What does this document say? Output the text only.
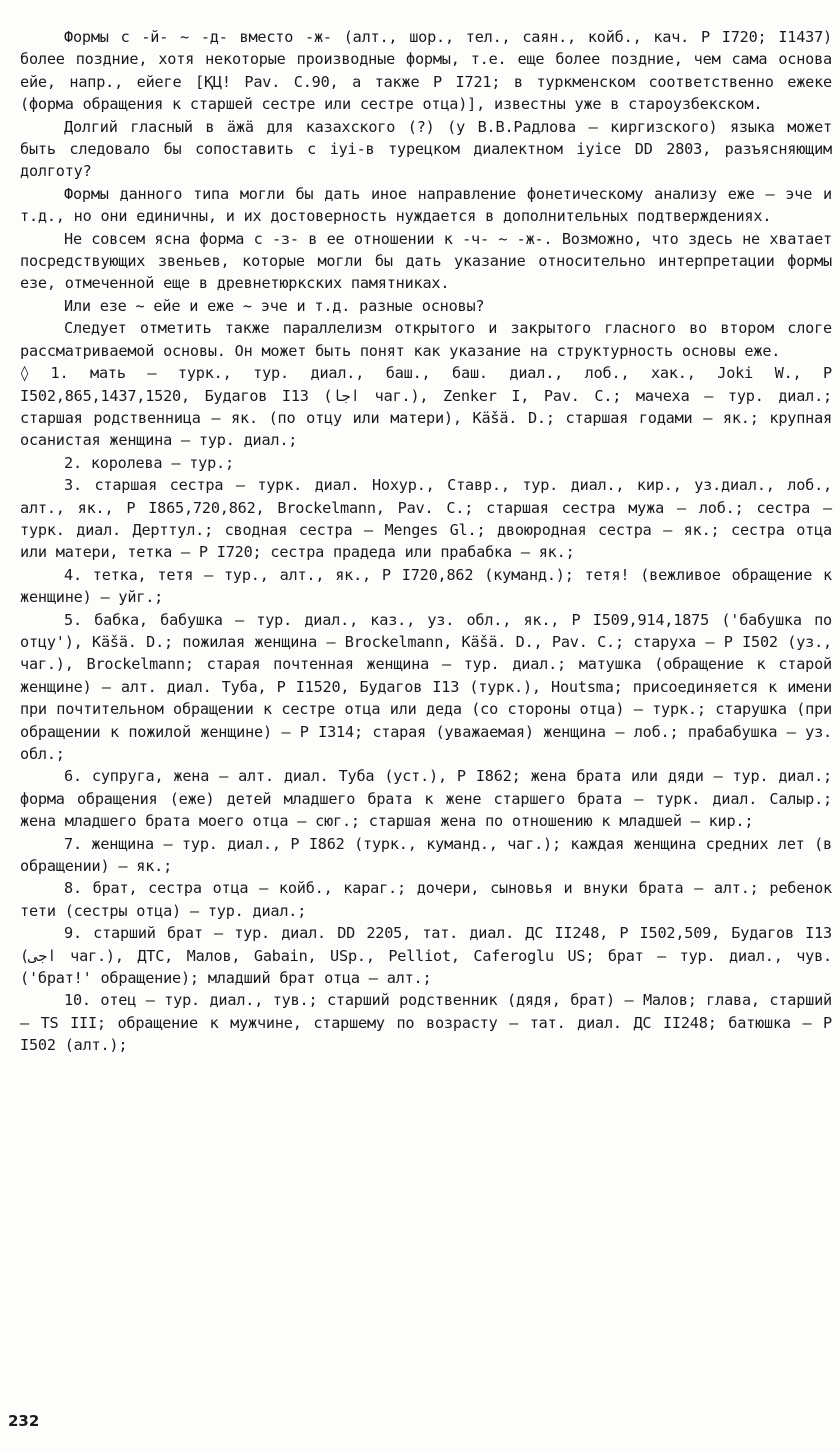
Формы с -й- ~ -д- вместо -ж- (алт., шор., тел., саян., койб., кач. Р I720; I1437) более поздние, хотя некоторые производные формы, т.е. еще более поздние, чем сама основа ейе, напр., ейеге [ҚЦ! Pav. C.90, а также Р I721; в туркменском соответственно ежеке (форма обращения к старшей сестре или сестре отца)], известны уже в староузбекском.

Долгий гласный в ӓжӓ для казахского (?) (у В.В.Радлова – киргизского) языка может быть следовало бы сопоставить с iyi-в турецком диалектном iyice DD 2803, разъясняющим долготу?

Формы данного типа могли бы дать иное направление фонетическому анализу еже – эче и т.д., но они единичны, и их достоверность нуждается в дополнительных подтверждениях.

Не совсем ясна форма с -з- в ее отношении к -ч- ~ -ж-. Возможно, что здесь не хватает посредствующих звеньев, которые могли бы дать указание относительно интерпретации формы езе, отмеченной еще в древнетюркских памятниках.

Или езе ~ ейе и еже ~ эче и т.д. разные основы?

Следует отметить также параллелизм открытого и закрытого гласного во втором слоге рассматриваемой основы. Он может быть понят как указание на структурность основы еже.

◊ 1. мать – турк., тур. диал., баш., баш. диал., лоб., хак., Joki W., Р I502,865,1437,1520, Будагов I13 (اجا чаг.), Zenker I, Pav. C.; мачеха – тур. диал.; старшая родственница – як. (по отцу или матери), Кӓšӓ. D.; старшая годами – як.; крупная осанистая женщина – тур. диал.;

2. королева – тур.;

3. старшая сестра – турк. диал. Нохур., Ставр., тур. диал., кир., уз.диал., лоб., алт., як., Р I865,720,862, Brockelmann, Pav. C.; старшая сестра мужа – лоб.; сестра – турк. диал. Дерттул.; сводная сестра – Menges Gl.; двоюродная сестра – як.; сестра отца или матери, тетка – Р I720; сестра прадеда или прабабка – як.;

4. тетка, тетя – тур., алт., як., Р I720,862 (куманд.); тетя! (вежливое обращение к женщине) – уйг.;

5. бабка, бабушка – тур. диал., каз., уз. обл., як., Р I509,914,1875 ('бабушка по отцу'), Кӓšӓ. D.; пожилая женщина – Brockelmann, Кӓšӓ. D., Pav. C.; старуха – Р I502 (уз., чаг.), Brockelmann; старая почтенная женщина – тур. диал.; матушка (обращение к старой женщине) – алт. диал. Туба, Р I1520, Будагов I13 (турк.), Houtsma; присоединяется к имени при почтительном обращении к сестре отца или деда (со стороны отца) – турк.; старушка (при обращении к пожилой женщине) – Р I314; старая (уважаемая) женщина – лоб.; прабабушка – уз. обл.;

6. супруга, жена – алт. диал. Туба (уст.), Р I862; жена брата или дяди – тур. диал.; форма обращения (еже) детей младшего брата к жене старшего брата – турк. диал. Салыр.; жена младшего брата моего отца – сюг.; старшая жена по отношению к младшей – кир.;

7. женщина – тур. диал., Р I862 (турк., куманд., чаг.); каждая женщина средних лет (в обращении) – як.;

8. брат, сестра отца – койб., караг.; дочери, сыновья и внуки брата – алт.; ребенок тети (сестры отца) – тур. диал.;

9. старший брат – тур. диал. DD 2205, тат. диал. ДС II248, Р I502,509, Будагов I13 (اجى чаг.), ДТС, Малов, Gabain, USp., Pelliot, Caferoglu US; брат – тур. диал., чув. ('брат!' обращение); младший брат отца – алт.;

10. отец – тур. диал., тув.; старший родственник (дядя, брат) – Малов; глава, старший – TS III; обращение к мужчине, старшему по возрасту – тат. диал. ДС II248; батюшка – Р I502 (алт.);

232
